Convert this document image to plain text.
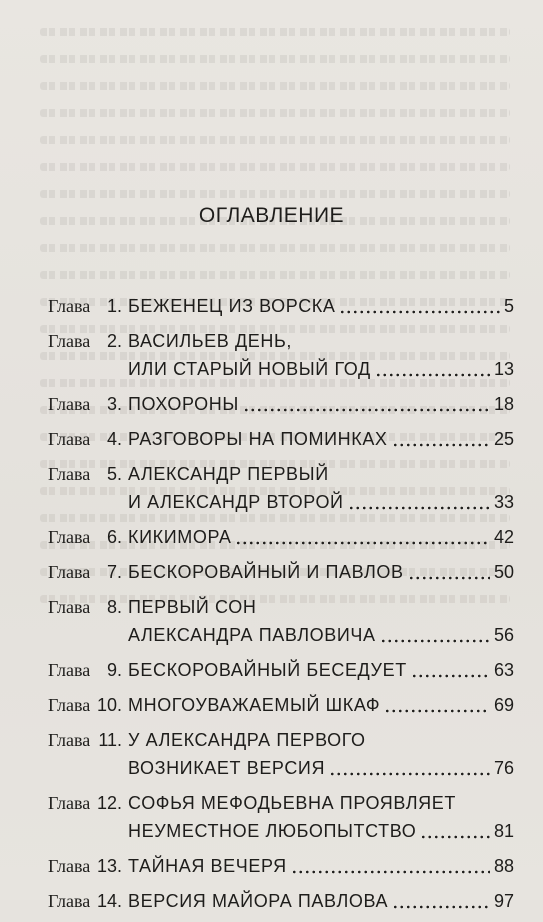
ОГЛАВЛЕНИЕ
Глава 1. БЕЖЕНЕЦ ИЗ ВОРСКА	5
Глава 2. ВАСИЛЬЕВ ДЕНЬ,
ИЛИ СТАРЫЙ НОВЫЙ ГОД	13
Глава 3. ПОХОРОНЫ	18
Глава 4. РАЗГОВОРЫ НА ПОМИНКАХ	25
Глава 5. АЛЕКСАНДР ПЕРВЫЙ
И АЛЕКСАНДР ВТОРОЙ	33
Глава 6. КИКИМОРА	42
Глава 7. БЕСКОРОВАЙНЫЙ И ПАВЛОВ	50
Глава 8. ПЕРВЫЙ СОН
АЛЕКСАНДРА ПАВЛОВИЧА	56
Глава 9. БЕСКОРОВАЙНЫЙ БЕСЕДУЕТ	63
Глава 10. МНОГОУВАЖАЕМЫЙ ШКАФ	69
Глава 11. У АЛЕКСАНДРА ПЕРВОГО
ВОЗНИКАЕТ ВЕРСИЯ	76
Глава 12. СОФЬЯ МЕФОДЬЕВНА ПРОЯВЛЯЕТ
НЕУМЕСТНОЕ ЛЮБОПЫТСТВО	81
Глава 13. ТАЙНАЯ ВЕЧЕРЯ	88
Глава 14. ВЕРСИЯ МАЙОРА ПАВЛОВА	97
